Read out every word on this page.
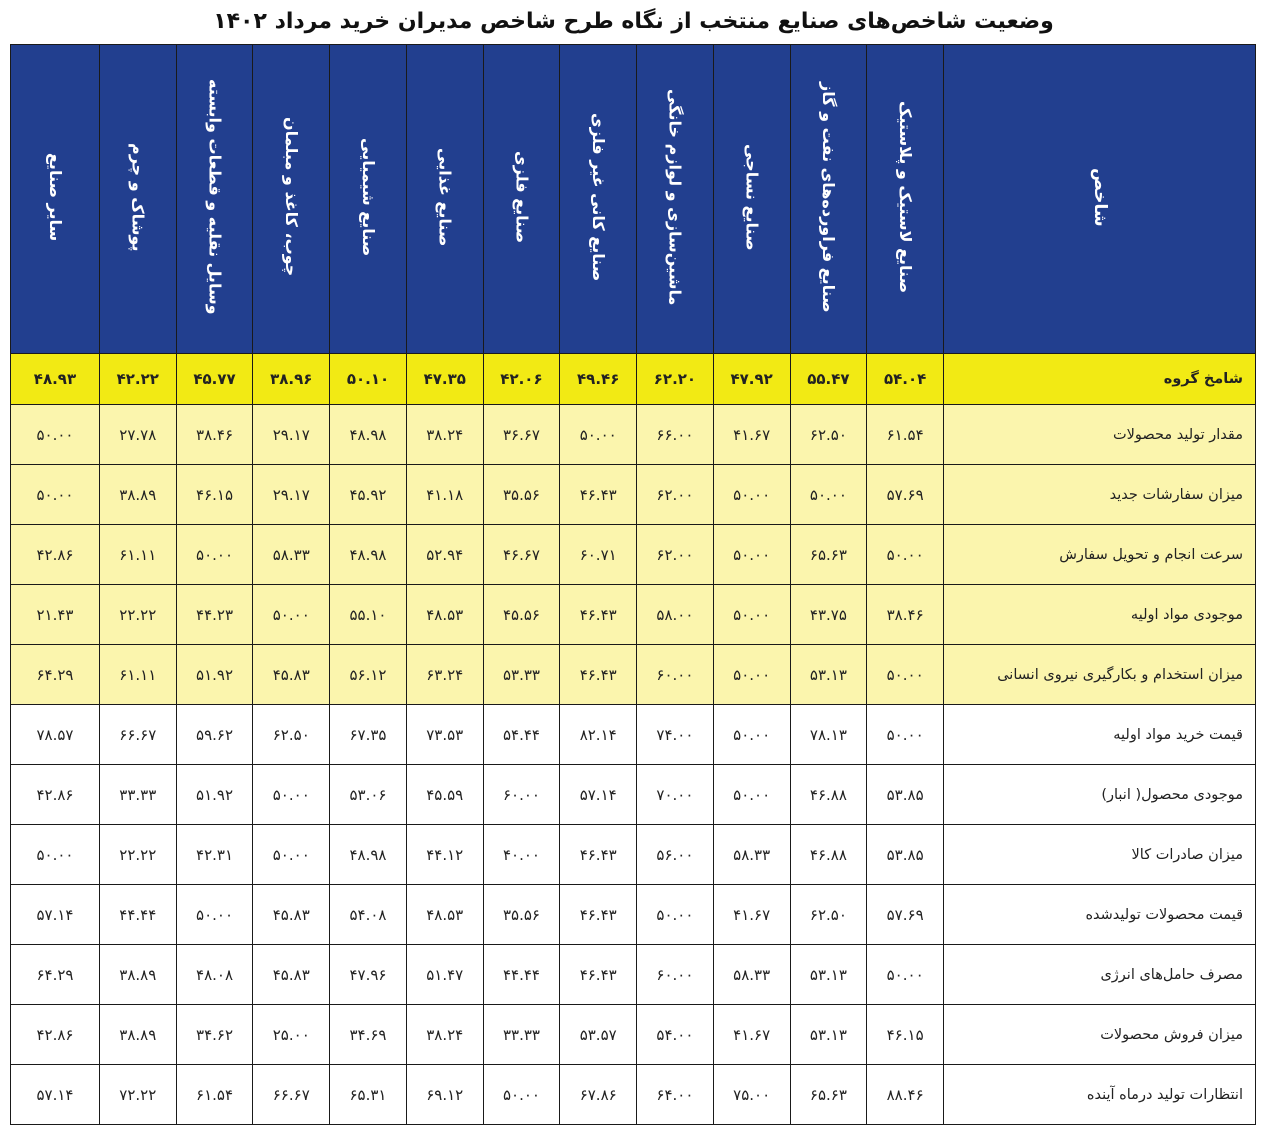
وضعیت شاخص‌های صنایع منتخب از نگاه طرح شاخص مدیران خرید مرداد ۱۴۰۲
شاخص	صنایع لاستیک و پلاستیک	صنایع فراورده‌های نفت و گاز	صنایع نساجی	ماشین‌سازی و لوازم خانگی	صنایع کانی غیر فلزی	صنایع فلزی	صنایع غذایی	صنایع شیمیایی	چوب، کاغذ و مبلمان	وسایل نقلیه و قطعات وابسته	پوشاک و چرم	سایر صنایع
شامخ گروه	۵۴.۰۴	۵۵.۴۷	۴۷.۹۲	۶۲.۲۰	۴۹.۴۶	۴۲.۰۶	۴۷.۳۵	۵۰.۱۰	۳۸.۹۶	۴۵.۷۷	۴۲.۲۲	۴۸.۹۳
مقدار تولید محصولات	۶۱.۵۴	۶۲.۵۰	۴۱.۶۷	۶۶.۰۰	۵۰.۰۰	۳۶.۶۷	۳۸.۲۴	۴۸.۹۸	۲۹.۱۷	۳۸.۴۶	۲۷.۷۸	۵۰.۰۰
میزان سفارشات جدید	۵۷.۶۹	۵۰.۰۰	۵۰.۰۰	۶۲.۰۰	۴۶.۴۳	۳۵.۵۶	۴۱.۱۸	۴۵.۹۲	۲۹.۱۷	۴۶.۱۵	۳۸.۸۹	۵۰.۰۰
سرعت انجام و تحویل سفارش	۵۰.۰۰	۶۵.۶۳	۵۰.۰۰	۶۲.۰۰	۶۰.۷۱	۴۶.۶۷	۵۲.۹۴	۴۸.۹۸	۵۸.۳۳	۵۰.۰۰	۶۱.۱۱	۴۲.۸۶
موجودی مواد اولیه	۳۸.۴۶	۴۳.۷۵	۵۰.۰۰	۵۸.۰۰	۴۶.۴۳	۴۵.۵۶	۴۸.۵۳	۵۵.۱۰	۵۰.۰۰	۴۴.۲۳	۲۲.۲۲	۲۱.۴۳
میزان استخدام و بکارگیری نیروی انسانی	۵۰.۰۰	۵۳.۱۳	۵۰.۰۰	۶۰.۰۰	۴۶.۴۳	۵۳.۳۳	۶۳.۲۴	۵۶.۱۲	۴۵.۸۳	۵۱.۹۲	۶۱.۱۱	۶۴.۲۹
قیمت خرید مواد اولیه	۵۰.۰۰	۷۸.۱۳	۵۰.۰۰	۷۴.۰۰	۸۲.۱۴	۵۴.۴۴	۷۳.۵۳	۶۷.۳۵	۶۲.۵۰	۵۹.۶۲	۶۶.۶۷	۷۸.۵۷
موجودی محصول( انبار)	۵۳.۸۵	۴۶.۸۸	۵۰.۰۰	۷۰.۰۰	۵۷.۱۴	۶۰.۰۰	۴۵.۵۹	۵۳.۰۶	۵۰.۰۰	۵۱.۹۲	۳۳.۳۳	۴۲.۸۶
میزان صادرات کالا	۵۳.۸۵	۴۶.۸۸	۵۸.۳۳	۵۶.۰۰	۴۶.۴۳	۴۰.۰۰	۴۴.۱۲	۴۸.۹۸	۵۰.۰۰	۴۲.۳۱	۲۲.۲۲	۵۰.۰۰
قیمت محصولات تولیدشده	۵۷.۶۹	۶۲.۵۰	۴۱.۶۷	۵۰.۰۰	۴۶.۴۳	۳۵.۵۶	۴۸.۵۳	۵۴.۰۸	۴۵.۸۳	۵۰.۰۰	۴۴.۴۴	۵۷.۱۴
مصرف حامل‌های انرژی	۵۰.۰۰	۵۳.۱۳	۵۸.۳۳	۶۰.۰۰	۴۶.۴۳	۴۴.۴۴	۵۱.۴۷	۴۷.۹۶	۴۵.۸۳	۴۸.۰۸	۳۸.۸۹	۶۴.۲۹
میزان فروش محصولات	۴۶.۱۵	۵۳.۱۳	۴۱.۶۷	۵۴.۰۰	۵۳.۵۷	۳۳.۳۳	۳۸.۲۴	۳۴.۶۹	۲۵.۰۰	۳۴.۶۲	۳۸.۸۹	۴۲.۸۶
انتظارات تولید درماه آینده	۸۸.۴۶	۶۵.۶۳	۷۵.۰۰	۶۴.۰۰	۶۷.۸۶	۵۰.۰۰	۶۹.۱۲	۶۵.۳۱	۶۶.۶۷	۶۱.۵۴	۷۲.۲۲	۵۷.۱۴
